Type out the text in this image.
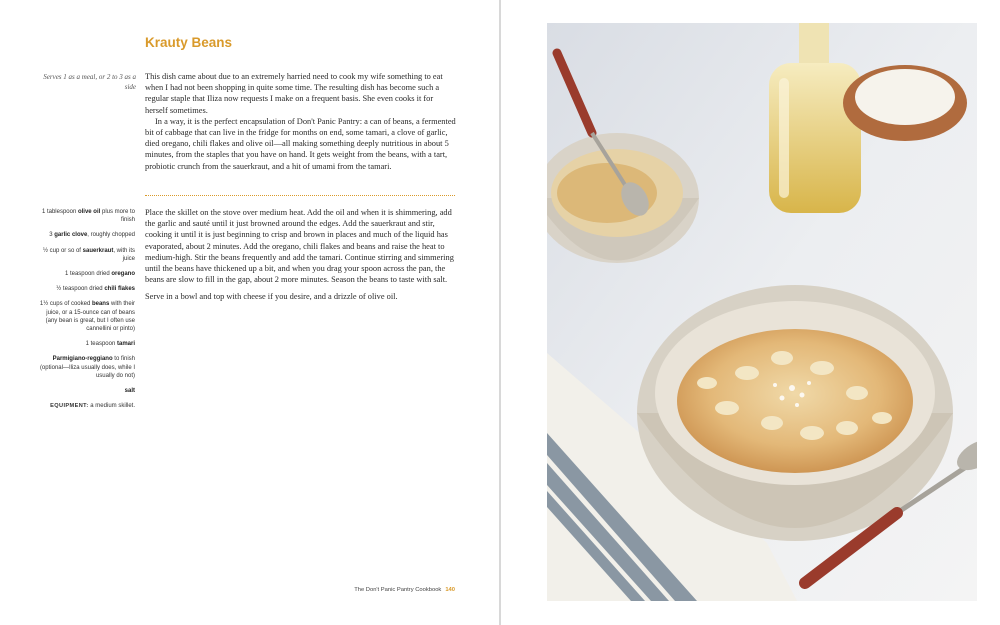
Krauty Beans
Serves 1 as a meal, or 2 to 3 as a side

This dish came about due to an extremely harried need to cook my wife something to eat when I had not been shopping in quite some time. The resulting dish has become such a regular staple that Iliza now requests I make on a frequent basis. She even cooks it for herself sometimes.

In a way, it is the perfect encapsulation of Don't Panic Pantry: a can of beans, a fermented bit of cabbage that can live in the fridge for months on end, some tamari, a clove of garlic, died oregano, chili flakes and olive oil—all making something deeply nutritious in about 5 minutes, from the staples that you have on hand. It gets weight from the beans, with a tart, probiotic crunch from the sauerkraut, and a hit of umami from the tamari.

1 tablespoon olive oil plus more to finish

3 garlic clove, roughly chopped

½ cup or so of sauerkraut, with its juice

1 teaspoon dried oregano

½ teaspoon dried chili flakes

1½ cups of cooked beans with their juice, or a 15-ounce can of beans (any bean is great, but I often use cannellini or pinto)

1 teaspoon tamari

Parmigiano-reggiano to finish (optional—Iliza usually does, while I usually do not)

salt

EQUIPMENT: a medium skillet.

Place the skillet on the stove over medium heat. Add the oil and when it is shimmering, add the garlic and sauté until it just browned around the edges. Add the sauerkraut and stir, cooking it until it is just beginning to crisp and brown in places and much of the liquid has evaporated, about 2 minutes. Add the oregano, chili flakes and beans and raise the heat to medium-high. Stir the beans frequently and add the tamari. Continue stirring and simmering until the beans have thickened up a bit, and when you drag your spoon across the pan, the beans are slow to fill in the gap, about 2 more minutes. Season the beans to taste with salt.

Serve in a bowl and top with cheese if you desire, and a drizzle of olive oil.

The Don't Panic Pantry Cookbook 140
